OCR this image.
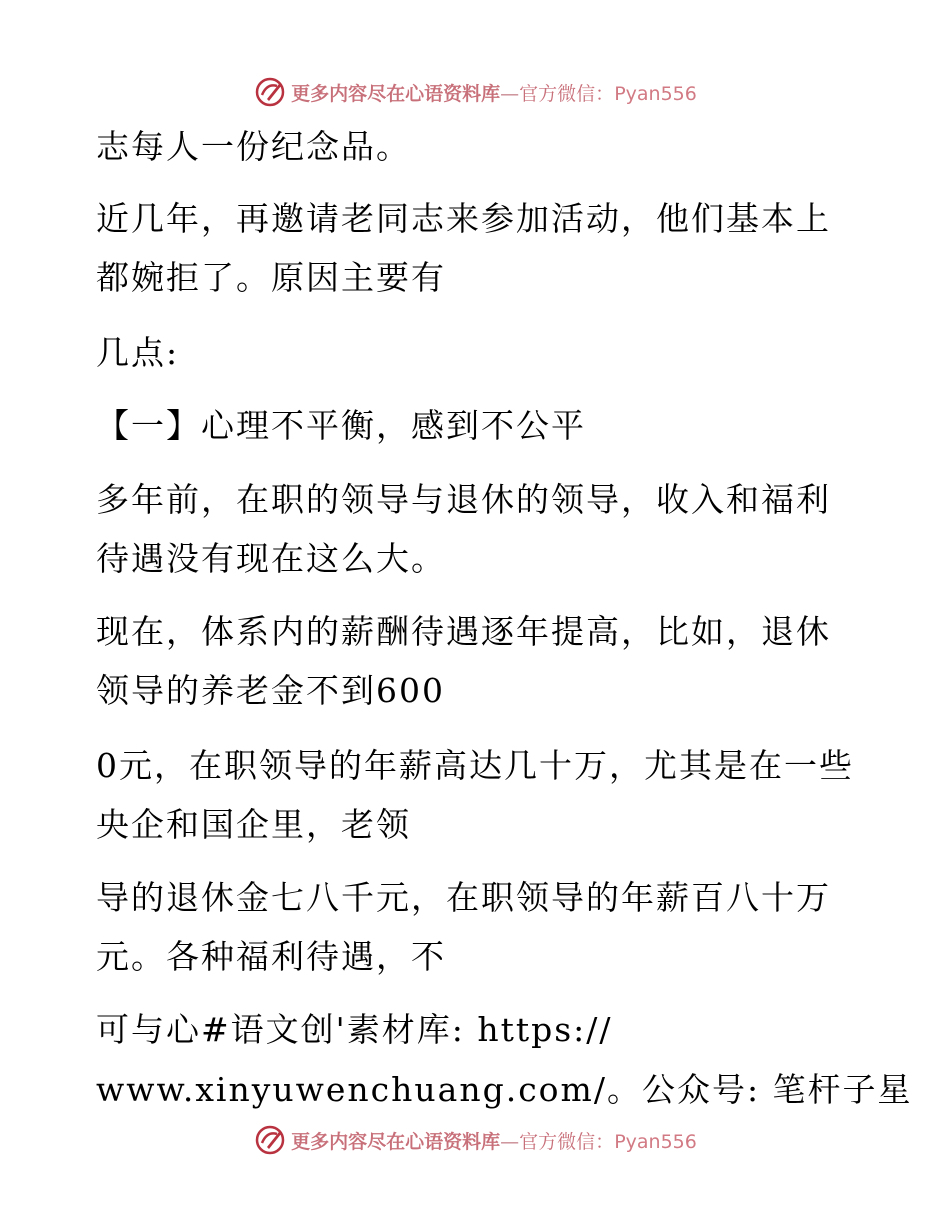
更多内容尽在心语资料库—官方微信：Pyan556
志每人一份纪念品。
近几年，再邀请老同志来参加活动，他们基本上
都婉拒了。原因主要有
几点:
【一】心理不平衡，感到不公平
多年前，在职的领导与退休的领导，收入和福利
待遇没有现在这么大。
现在，体系内的薪酬待遇逐年提高，比如，退休
领导的养老金不到600
0元，在职领导的年薪高达几十万，尤其是在一些
央企和国企里，老领
导的退休金七八千元，在职领导的年薪百八十万
元。各种福利待遇，不
可与心#语文创'素材库: https://
www.xinyuwenchuang.com/。公众号: 笔杆子星
更多内容尽在心语资料库—官方微信：Pyan556
